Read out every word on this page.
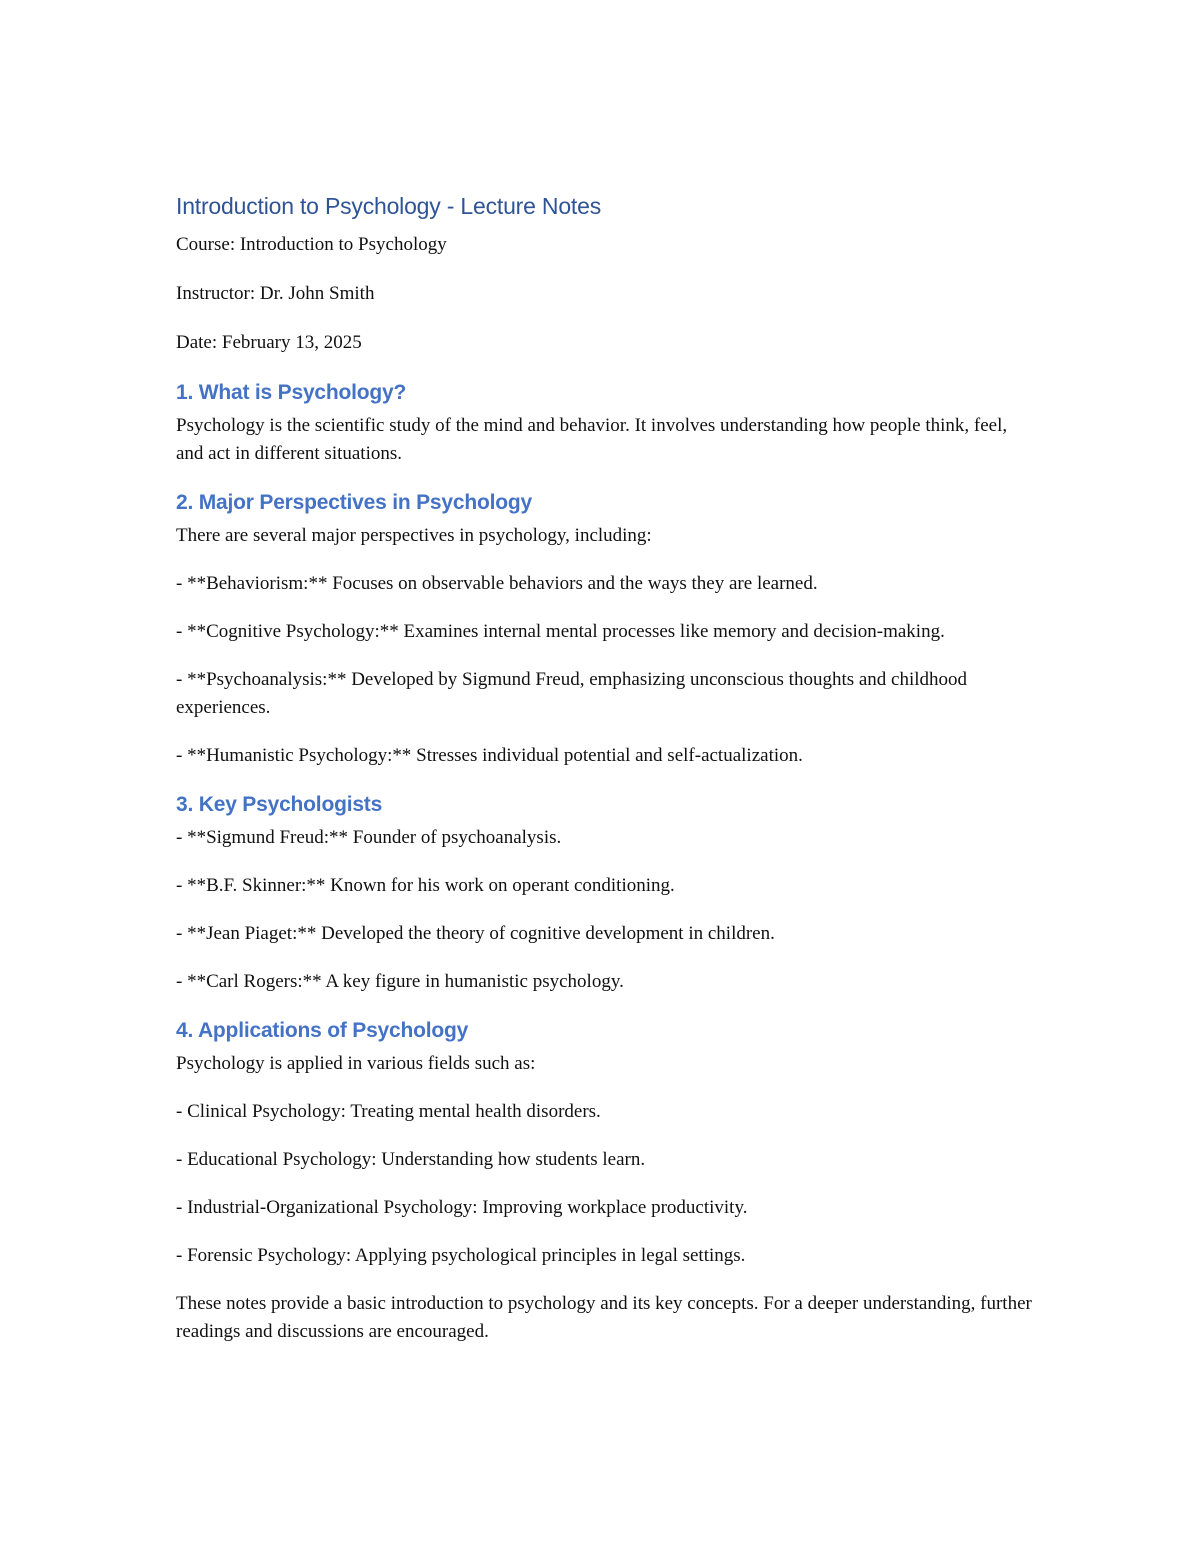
Introduction to Psychology - Lecture Notes

Course: Introduction to Psychology

Instructor: Dr. John Smith

Date: February 13, 2025

1. What is Psychology?

Psychology is the scientific study of the mind and behavior. It involves understanding how people think, feel, and act in different situations.

2. Major Perspectives in Psychology

There are several major perspectives in psychology, including:

- **Behaviorism:** Focuses on observable behaviors and the ways they are learned.

- **Cognitive Psychology:** Examines internal mental processes like memory and decision-making.

- **Psychoanalysis:** Developed by Sigmund Freud, emphasizing unconscious thoughts and childhood experiences.

- **Humanistic Psychology:** Stresses individual potential and self-actualization.

3. Key Psychologists

- **Sigmund Freud:** Founder of psychoanalysis.

- **B.F. Skinner:** Known for his work on operant conditioning.

- **Jean Piaget:** Developed the theory of cognitive development in children.

- **Carl Rogers:** A key figure in humanistic psychology.

4. Applications of Psychology

Psychology is applied in various fields such as:

- Clinical Psychology: Treating mental health disorders.

- Educational Psychology: Understanding how students learn.

- Industrial-Organizational Psychology: Improving workplace productivity.

- Forensic Psychology: Applying psychological principles in legal settings.

These notes provide a basic introduction to psychology and its key concepts. For a deeper understanding, further readings and discussions are encouraged.
